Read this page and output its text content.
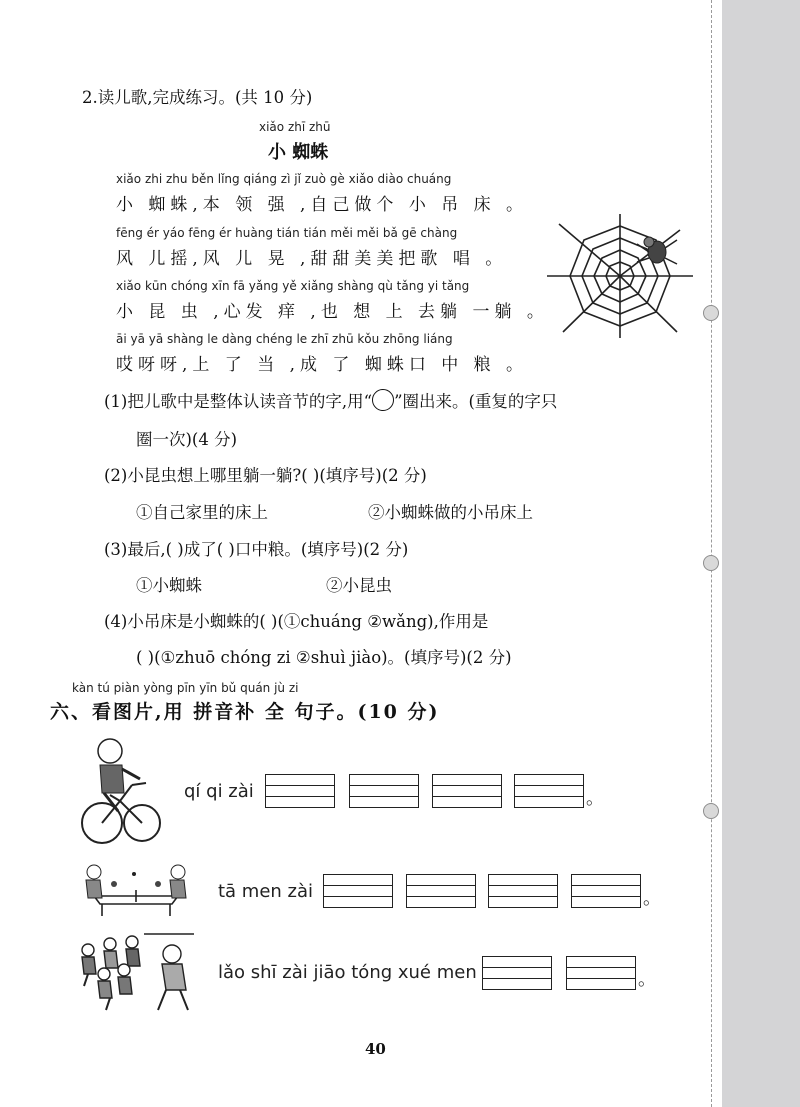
2.读儿歌,完成练习。(共 10 分)
xiǎo zhī zhū
小 蜘蛛
xiǎo zhi zhu běn lǐng qiáng zì jǐ zuò gè xiǎo diào chuáng
小 蜘蛛,本 领 强 ,自己做个 小 吊 床 。
fēng ér yáo fēng ér huàng tián tián měi měi bǎ gē chàng
风 儿摇,风 儿 晃 ,甜甜美美把歌 唱 。
xiǎo kūn chóng xīn fā yǎng yě xiǎng shàng qù tǎng yi tǎng
小 昆 虫 ,心发 痒 ,也 想 上 去躺 一躺 。
āi yā yā shàng le dàng chéng le zhī zhū kǒu zhōng liáng
哎呀呀,上 了 当 ,成 了 蜘蛛口 中 粮 。
(1)把儿歌中是整体认读音节的字,用“ ”圈出来。(重复的字只
圈一次)(4 分)
(2)小昆虫想上哪里躺一躺?( )(填序号)(2 分)
①自己家里的床上	②小蜘蛛做的小吊床上
(3)最后,( )成了( )口中粮。(填序号)(2 分)
①小蜘蛛	②小昆虫
(4)小吊床是小蜘蛛的( )(①chuáng ②wǎng),作用是
( )(①zhuō chóng zi ②shuì jiào)。(填序号)(2 分)
kàn tú piàn yòng pīn yīn bǔ quán jù zi
六、看图片,用 拼音补 全 句子。(10 分)
qí qi zài	。
tā men zài	。
lǎo shī zài jiāo tóng xué men	。
40
